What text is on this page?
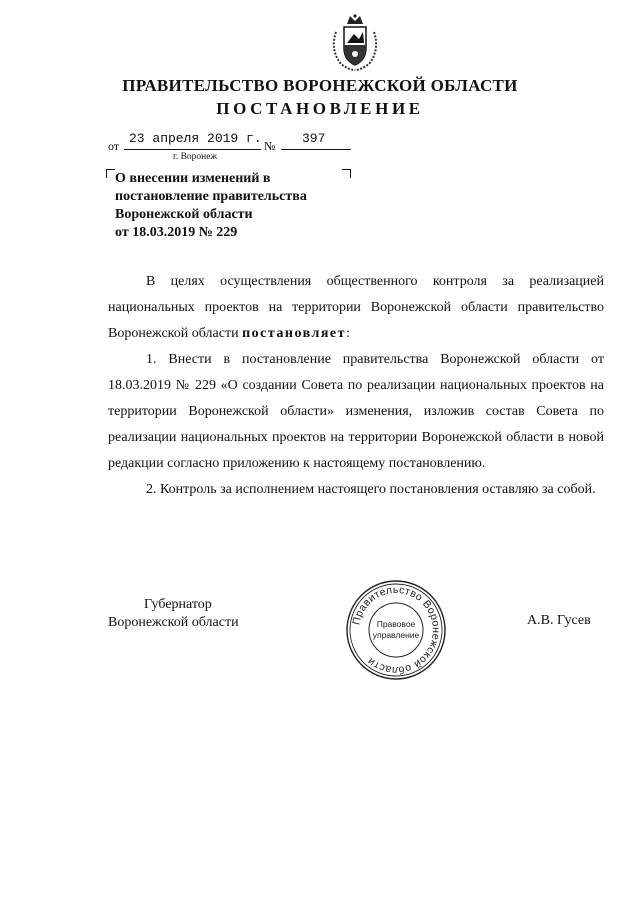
ПРАВИТЕЛЬСТВО ВОРОНЕЖСКОЙ ОБЛАСТИ
ПОСТАНОВЛЕНИЕ
от 23 апреля 2019 г. № 397
г. Воронеж
О внесении изменений в
постановление правительства
Воронежской области
от 18.03.2019 № 229

В целях осуществления общественного контроля за реализацией национальных проектов на территории Воронежской области правительство Воронежской области постановляет:

1. Внести в постановление правительства Воронежской области от 18.03.2019 № 229 «О создании Совета по реализации национальных проектов на территории Воронежской области» изменения, изложив состав Совета по реализации национальных проектов на территории Воронежской области в новой редакции согласно приложению к настоящему постановлению.

2. Контроль за исполнением настоящего постановления оставляю за собой.

Губернатор
Воронежской области	Правительство Воронежской области
Правовое
управление
А.В. Гусев
